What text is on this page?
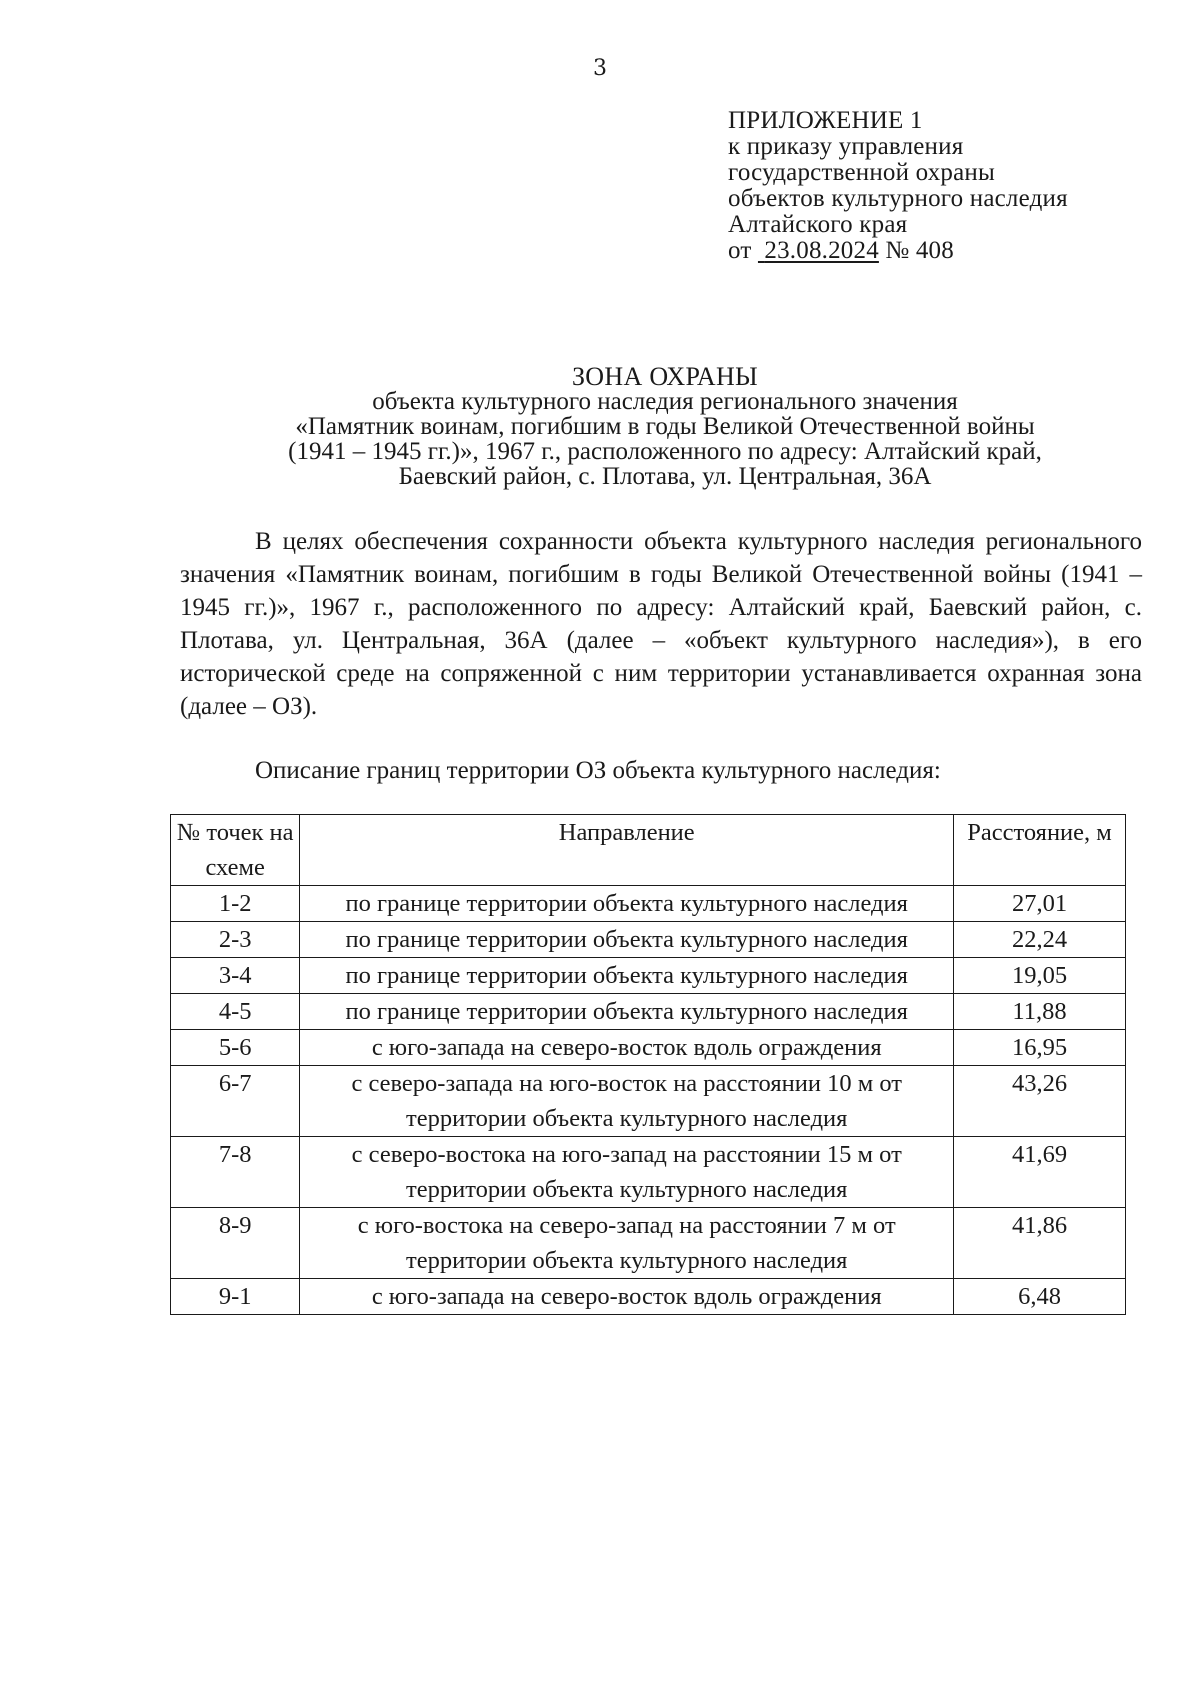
3
ПРИЛОЖЕНИЕ 1
к приказу управления
государственной охраны
объектов культурного наследия
Алтайского края
от 23.08.2024 № 408
ЗОНА ОХРАНЫ
объекта культурного наследия регионального значения
«Памятник воинам, погибшим в годы Великой Отечественной войны
(1941 – 1945 гг.)», 1967 г., расположенного по адресу: Алтайский край,
Баевский район, с. Плотава, ул. Центральная, 36А

В целях обеспечения сохранности объекта культурного наследия регионального значения «Памятник воинам, погибшим в годы Великой Отечественной войны (1941 – 1945 гг.)», 1967 г., расположенного по адресу: Алтайский край, Баевский район, с. Плотава, ул. Центральная, 36А (далее – «объект культурного наследия»), в его исторической среде на сопряженной с ним территории устанавливается охранная зона (далее – ОЗ).

Описание границ территории ОЗ объекта культурного наследия:
№ точек на схеме	Направление	Расстояние, м
1-2	по границе территории объекта культурного наследия	27,01
2-3	по границе территории объекта культурного наследия	22,24
3-4	по границе территории объекта культурного наследия	19,05
4-5	по границе территории объекта культурного наследия	11,88
5-6	с юго-запада на северо-восток вдоль ограждения	16,95
6-7	с северо-запада на юго-восток на расстоянии 10 м от территории объекта культурного наследия	43,26
7-8	с северо-востока на юго-запад на расстоянии 15 м от территории объекта культурного наследия	41,69
8-9	с юго-востока на северо-запад на расстоянии 7 м от территории объекта культурного наследия	41,86
9-1	с юго-запада на северо-восток вдоль ограждения	6,48
